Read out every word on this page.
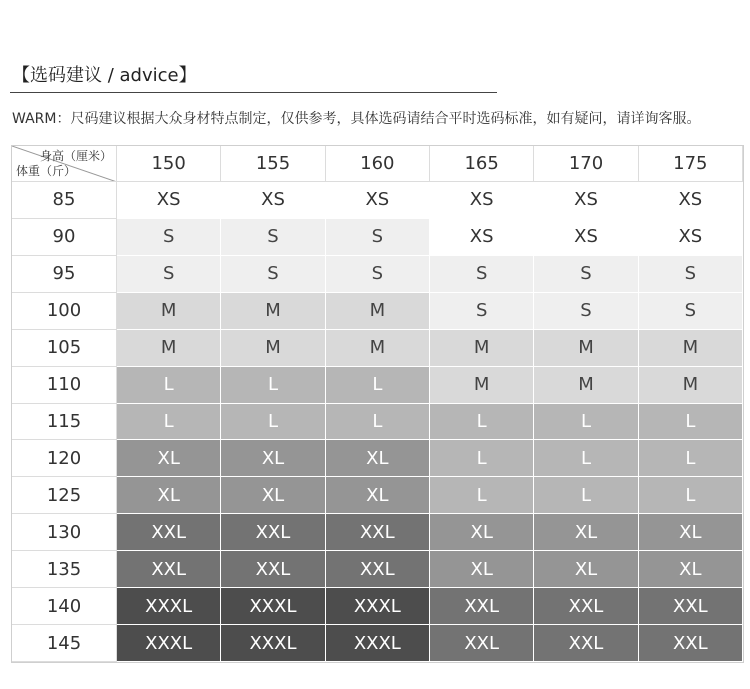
【选码建议 / advice】
WARM：尺码建议根据大众身材特点制定，仅供参考，具体选码请结合平时选码标准，如有疑问，请详询客服。
身高（厘米）
体重（斤）	150	155	160	165	170	175
85	XS	XS	XS	XS	XS	XS
90	S	S	S	XS	XS	XS
95	S	S	S	S	S	S
100	M	M	M	S	S	S
105	M	M	M	M	M	M
110	L	L	L	M	M	M
115	L	L	L	L	L	L
120	XL	XL	XL	L	L	L
125	XL	XL	XL	L	L	L
130	XXL	XXL	XXL	XL	XL	XL
135	XXL	XXL	XXL	XL	XL	XL
140	XXXL	XXXL	XXXL	XXL	XXL	XXL
145	XXXL	XXXL	XXXL	XXL	XXL	XXL
